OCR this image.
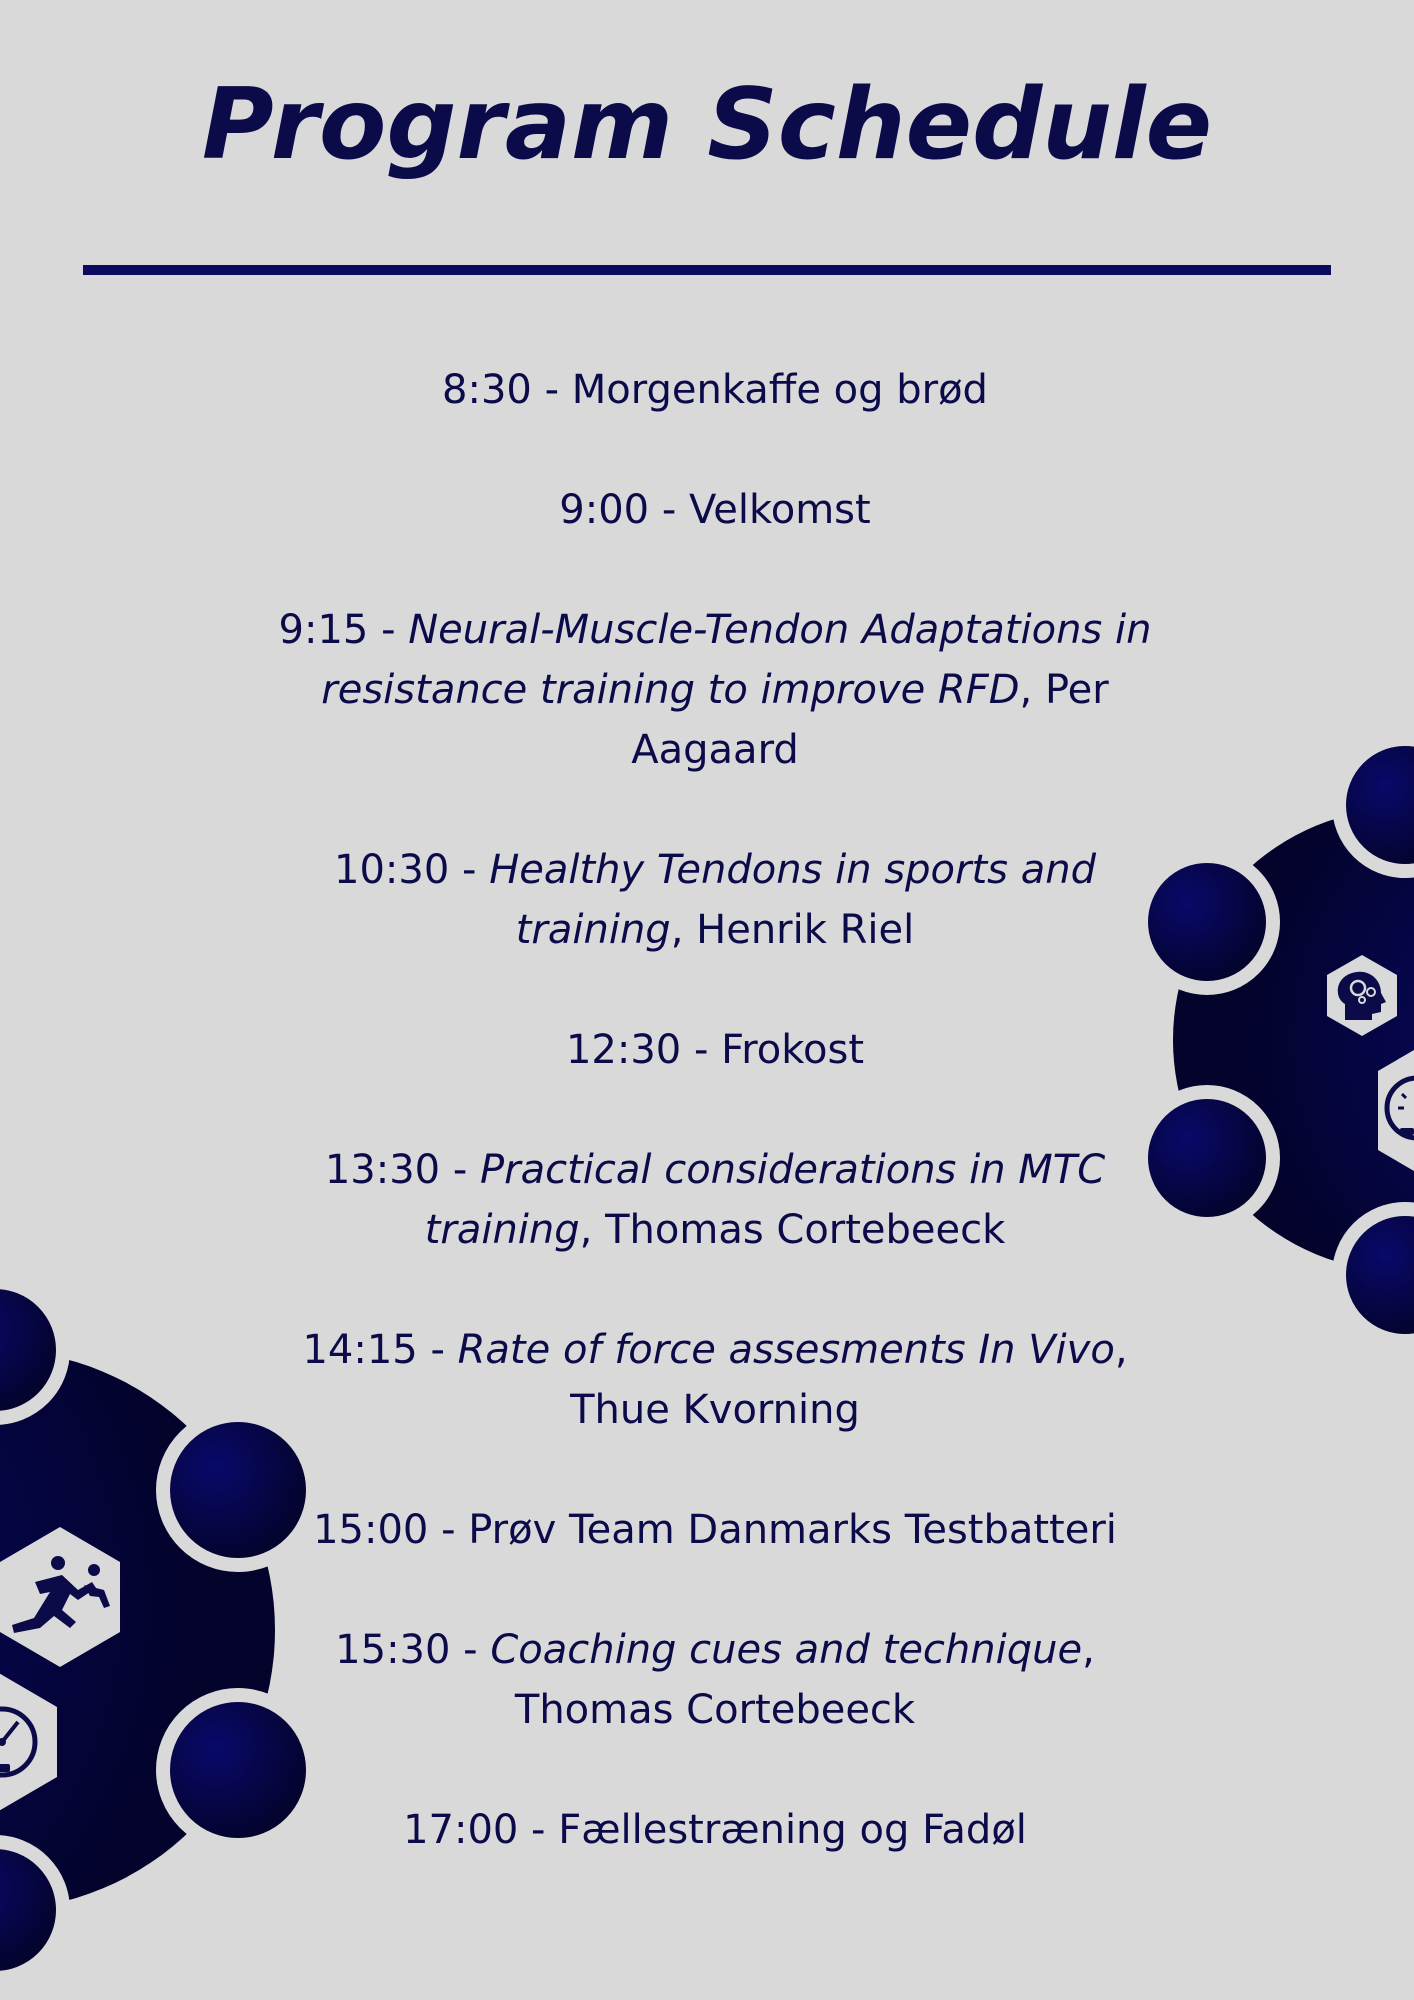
Program Schedule

8:30 - Morgenkaffe og brød

9:00 - Velkomst

9:15 - Neural-Muscle-Tendon Adaptations in resistance training to improve RFD, Per Aagaard

10:30 - Healthy Tendons in sports and training, Henrik Riel

12:30 - Frokost

13:30 - Practical considerations in MTC training, Thomas Cortebeeck

14:15 - Rate of force assesments In Vivo, Thue Kvorning

15:00 - Prøv Team Danmarks Testbatteri

15:30 - Coaching cues and technique, Thomas Cortebeeck

17:00 - Fællestræning og Fadøl
